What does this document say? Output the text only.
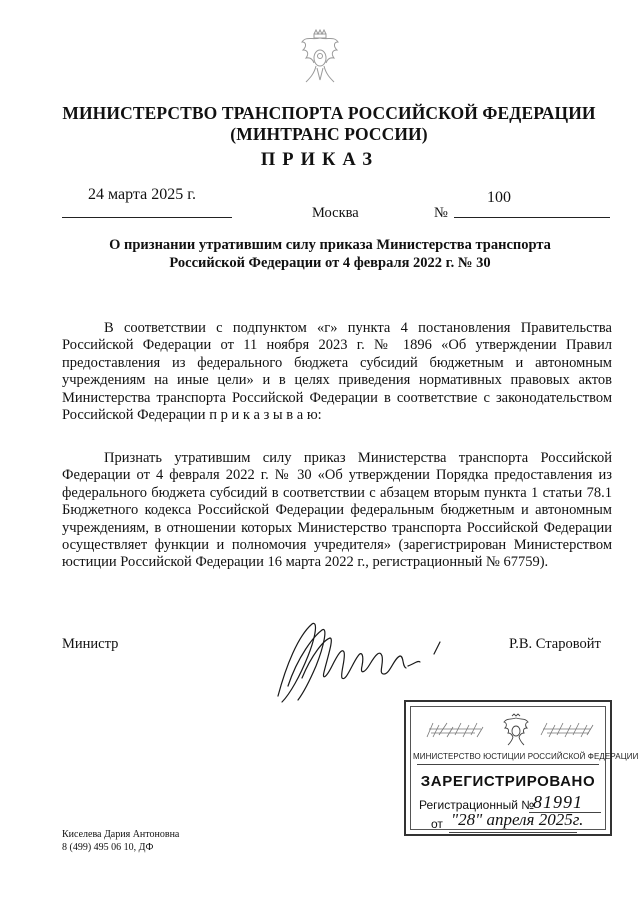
МИНИСТЕРСТВО ТРАНСПОРТА РОССИЙСКОЙ ФЕДЕРАЦИИ
(МИНТРАНС РОССИИ)
ПРИКАЗ
24 марта 2025 г.
Москва	№
100
О признании утратившим силу приказа Министерства транспорта
Российской Федерации от 4 февраля 2022 г. № 30
В соответствии с подпунктом «г» пункта 4 постановления Правительства Российской Федерации от 11 ноября 2023 г. № 1896 «Об утверждении Правил предоставления из федерального бюджета субсидий бюджетным и автономным учреждениям на иные цели» и в целях приведения нормативных правовых актов Министерства транспорта Российской Федерации в соответствие с законодательством Российской Федерации п р и к а з ы в а ю:
Признать утратившим силу приказ Министерства транспорта Российской Федерации от 4 февраля 2022 г. № 30 «Об утверждении Порядка предоставления из федерального бюджета субсидий в соответствии с абзацем вторым пункта 1 статьи 78.1 Бюджетного кодекса Российской Федерации федеральным бюджетным и автономным учреждениям, в отношении которых Министерство транспорта Российской Федерации осуществляет функции и полномочия учредителя» (зарегистрирован Министерством юстиции Российской Федерации 16 марта 2022 г., регистрационный № 67759).
Министр	Р.В. Старовойт
МИНИСТЕРСТВО ЮСТИЦИИ РОССИЙСКОЙ ФЕДЕРАЦИИ
ЗАРЕГИСТРИРОВАНО
Регистрационный №
81991
от "28" апреля 2025г.
Киселева Дария Антоновна
8 (499) 495 06 10, ДФ
